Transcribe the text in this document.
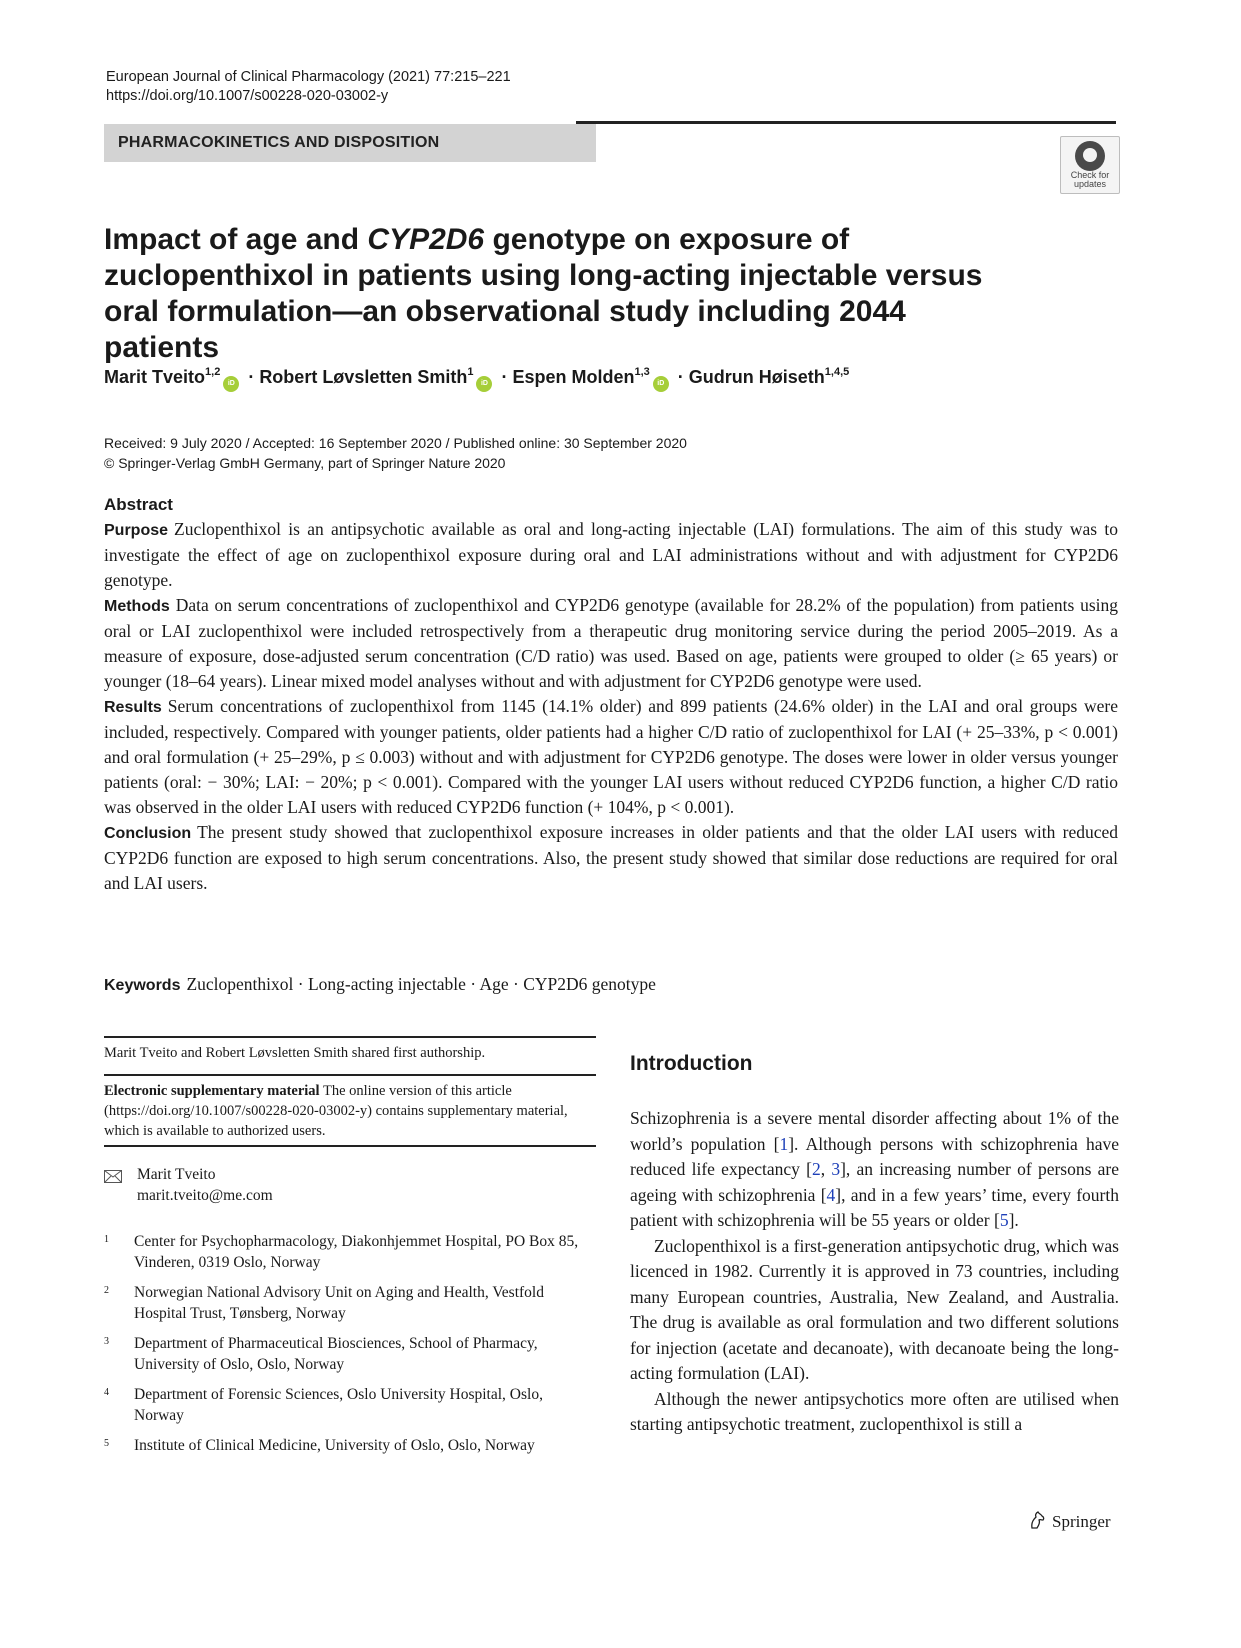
European Journal of Clinical Pharmacology (2021) 77:215–221
https://doi.org/10.1007/s00228-020-03002-y
PHARMACOKINETICS AND DISPOSITION
Check for updates
Impact of age and CYP2D6 genotype on exposure of zuclopenthixol in patients using long-acting injectable versus oral formulation—an observational study including 2044 patients
Marit Tveito$^{1,2}$iD · Robert Løvsletten Smith$^1$iD · Espen Molden$^{1,3}$iD · Gudrun Høiseth$^{1,4,5}$
Received: 9 July 2020 / Accepted: 16 September 2020 / Published online: 30 September 2020
© Springer-Verlag GmbH Germany, part of Springer Nature 2020
Abstract
Purpose Zuclopenthixol is an antipsychotic available as oral and long-acting injectable (LAI) formulations. The aim of this study was to investigate the effect of age on zuclopenthixol exposure during oral and LAI administrations without and with adjustment for CYP2D6 genotype.
Methods Data on serum concentrations of zuclopenthixol and CYP2D6 genotype (available for 28.2% of the population) from patients using oral or LAI zuclopenthixol were included retrospectively from a therapeutic drug monitoring service during the period 2005–2019. As a measure of exposure, dose-adjusted serum concentration (C/D ratio) was used. Based on age, patients were grouped to older (≥ 65 years) or younger (18–64 years). Linear mixed model analyses without and with adjustment for CYP2D6 genotype were used.
Results Serum concentrations of zuclopenthixol from 1145 (14.1% older) and 899 patients (24.6% older) in the LAI and oral groups were included, respectively. Compared with younger patients, older patients had a higher C/D ratio of zuclopenthixol for LAI (+ 25–33%, p < 0.001) and oral formulation (+ 25–29%, p ≤ 0.003) without and with adjustment for CYP2D6 genotype. The doses were lower in older versus younger patients (oral: − 30%; LAI: − 20%; p < 0.001). Compared with the younger LAI users without reduced CYP2D6 function, a higher C/D ratio was observed in the older LAI users with reduced CYP2D6 function (+ 104%, p < 0.001).
Conclusion The present study showed that zuclopenthixol exposure increases in older patients and that the older LAI users with reduced CYP2D6 function are exposed to high serum concentrations. Also, the present study showed that similar dose reductions are required for oral and LAI users.
Keywords Zuclopenthixol · Long-acting injectable · Age · CYP2D6 genotype
Marit Tveito and Robert Løvsletten Smith shared first authorship.
Electronic supplementary material The online version of this article (https://doi.org/10.1007/s00228-020-03002-y) contains supplementary material, which is available to authorized users.
Marit Tveito
marit.tveito@me.com
1 Center for Psychopharmacology, Diakonhjemmet Hospital, PO Box 85, Vinderen, 0319 Oslo, Norway
2 Norwegian National Advisory Unit on Aging and Health, Vestfold Hospital Trust, Tønsberg, Norway
3 Department of Pharmaceutical Biosciences, School of Pharmacy, University of Oslo, Oslo, Norway
4 Department of Forensic Sciences, Oslo University Hospital, Oslo, Norway
5 Institute of Clinical Medicine, University of Oslo, Oslo, Norway
Introduction

Schizophrenia is a severe mental disorder affecting about 1% of the world’s population [1]. Although persons with schizophrenia have reduced life expectancy [2, 3], an increasing number of persons are ageing with schizophrenia [4], and in a few years’ time, every fourth patient with schizophrenia will be 55 years or older [5].

Zuclopenthixol is a first-generation antipsychotic drug, which was licenced in 1982. Currently it is approved in 73 countries, including many European countries, Australia, New Zealand, and Australia. The drug is available as oral formulation and two different solutions for injection (acetate and decanoate), with decanoate being the long-acting formulation (LAI).

Although the newer antipsychotics more often are utilised when starting antipsychotic treatment, zuclopenthixol is still a

Springer
